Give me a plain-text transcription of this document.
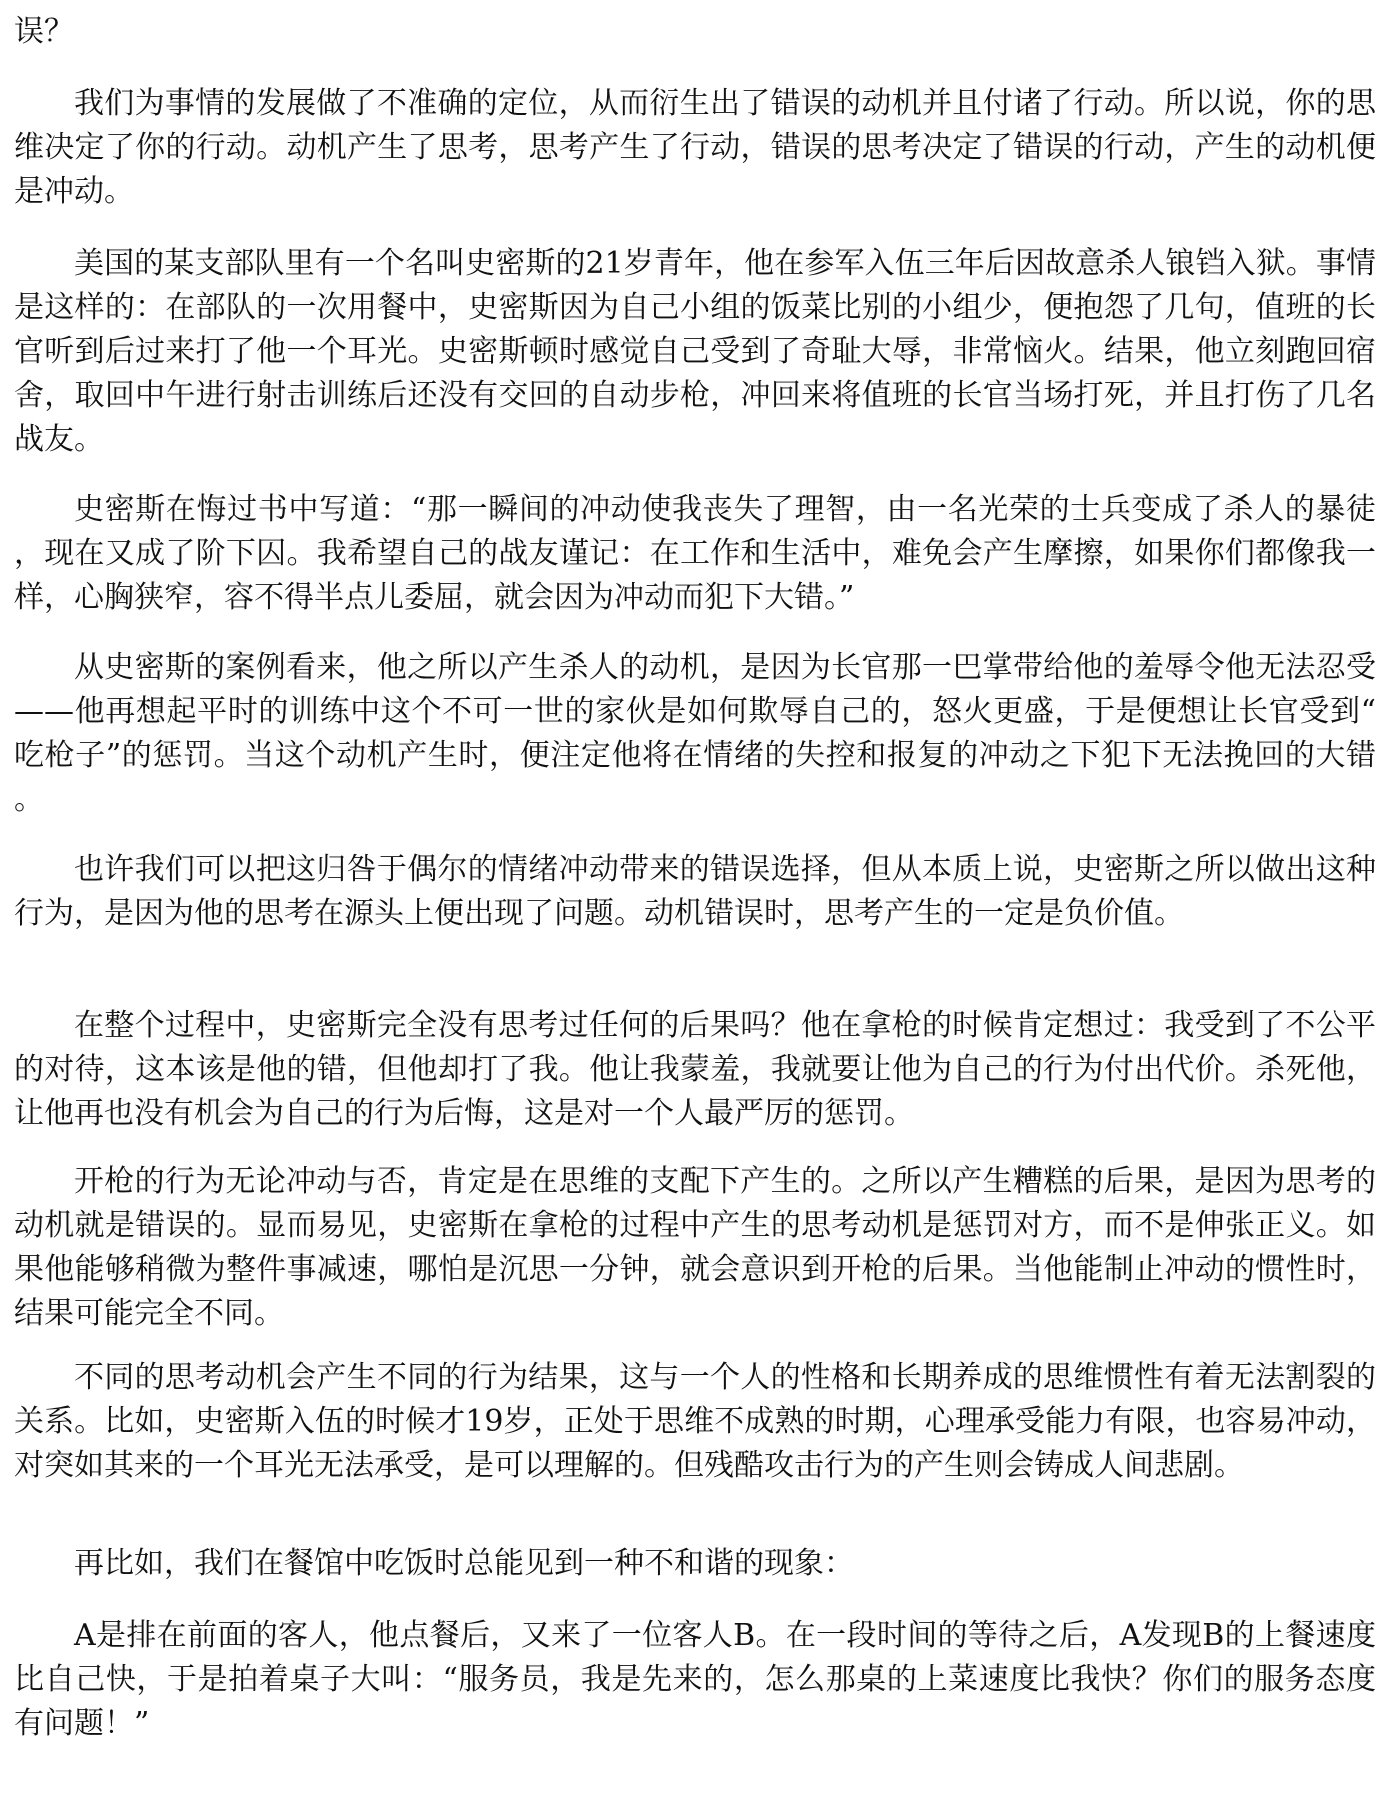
误？

我们为事情的发展做了不准确的定位，从而衍生出了错误的动机并且付诸了行动。所以说，你的思维决定了你的行动。动机产生了思考，思考产生了行动，错误的思考决定了错误的行动，产生的动机便是冲动。

美国的某支部队里有一个名叫史密斯的21岁青年，他在参军入伍三年后因故意杀人锒铛入狱。事情是这样的：在部队的一次用餐中，史密斯因为自己小组的饭菜比别的小组少，便抱怨了几句，值班的长官听到后过来打了他一个耳光。史密斯顿时感觉自己受到了奇耻大辱，非常恼火。结果，他立刻跑回宿舍，取回中午进行射击训练后还没有交回的自动步枪，冲回来将值班的长官当场打死，并且打伤了几名战友。

史密斯在悔过书中写道：“那一瞬间的冲动使我丧失了理智，由一名光荣的士兵变成了杀人的暴徒，现在又成了阶下囚。我希望自己的战友谨记：在工作和生活中，难免会产生摩擦，如果你们都像我一样，心胸狭窄，容不得半点儿委屈，就会因为冲动而犯下大错。”

从史密斯的案例看来，他之所以产生杀人的动机，是因为长官那一巴掌带给他的羞辱令他无法忍受——他再想起平时的训练中这个不可一世的家伙是如何欺辱自己的，怒火更盛，于是便想让长官受到“吃枪子”的惩罚。当这个动机产生时，便注定他将在情绪的失控和报复的冲动之下犯下无法挽回的大错。

也许我们可以把这归咎于偶尔的情绪冲动带来的错误选择，但从本质上说，史密斯之所以做出这种行为，是因为他的思考在源头上便出现了问题。动机错误时，思考产生的一定是负价值。

在整个过程中，史密斯完全没有思考过任何的后果吗？他在拿枪的时候肯定想过：我受到了不公平的对待，这本该是他的错，但他却打了我。他让我蒙羞，我就要让他为自己的行为付出代价。杀死他，让他再也没有机会为自己的行为后悔，这是对一个人最严厉的惩罚。

开枪的行为无论冲动与否，肯定是在思维的支配下产生的。之所以产生糟糕的后果，是因为思考的动机就是错误的。显而易见，史密斯在拿枪的过程中产生的思考动机是惩罚对方，而不是伸张正义。如果他能够稍微为整件事减速，哪怕是沉思一分钟，就会意识到开枪的后果。当他能制止冲动的惯性时，结果可能完全不同。

不同的思考动机会产生不同的行为结果，这与一个人的性格和长期养成的思维惯性有着无法割裂的关系。比如，史密斯入伍的时候才19岁，正处于思维不成熟的时期，心理承受能力有限，也容易冲动，对突如其来的一个耳光无法承受，是可以理解的。但残酷攻击行为的产生则会铸成人间悲剧。

再比如，我们在餐馆中吃饭时总能见到一种不和谐的现象：

A是排在前面的客人，他点餐后，又来了一位客人B。在一段时间的等待之后，A发现B的上餐速度比自己快，于是拍着桌子大叫：“服务员，我是先来的，怎么那桌的上菜速度比我快？你们的服务态度有问题！”
